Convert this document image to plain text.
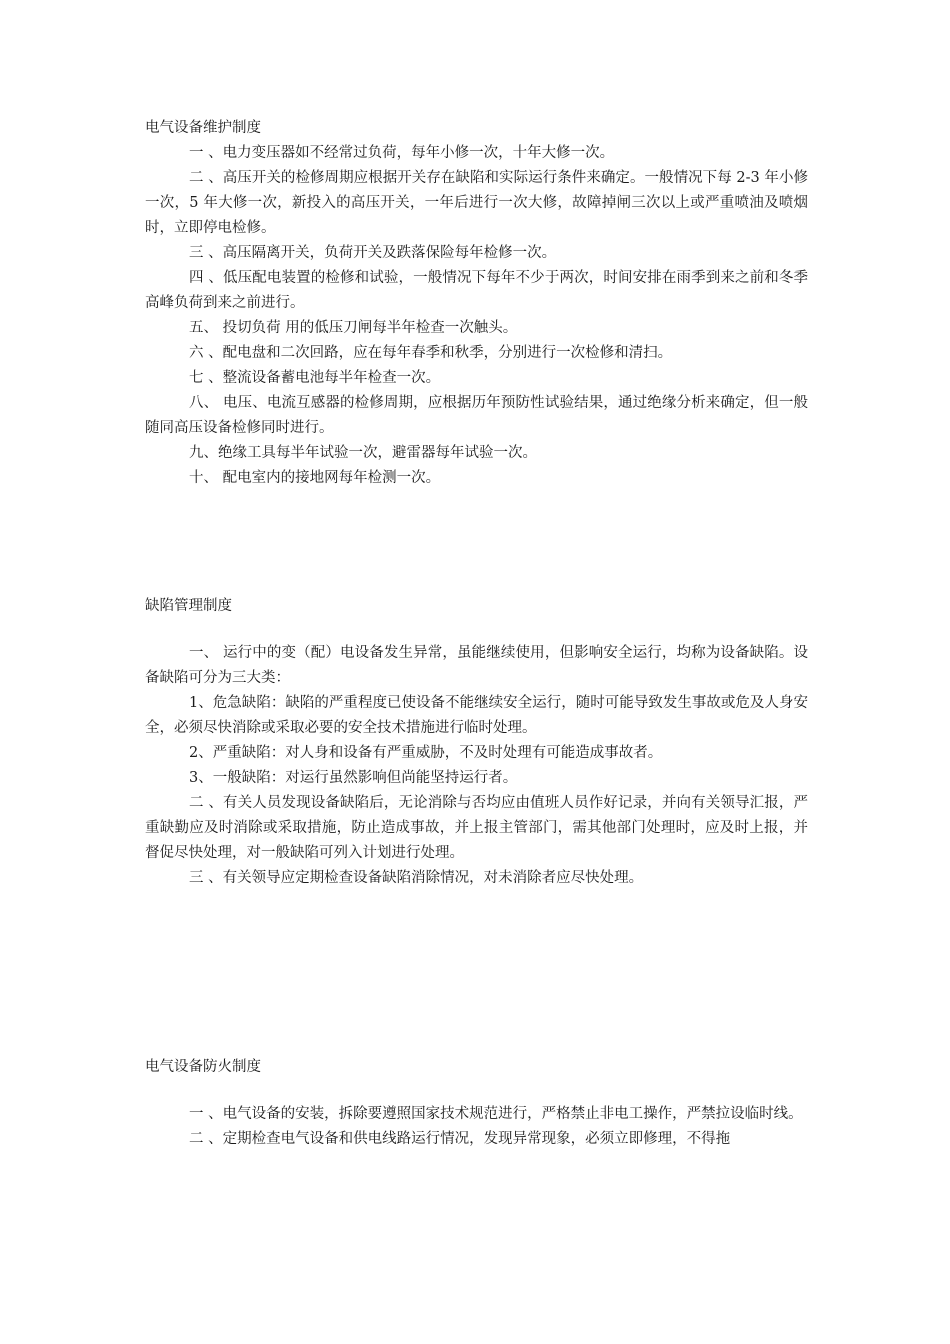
电气设备维护制度

一 、电力变压器如不经常过负荷，每年小修一次，十年大修一次。

二 、高压开关的检修周期应根据开关存在缺陷和实际运行条件来确定。一般情况下每 2-3 年小修一次，5 年大修一次，新投入的高压开关，一年后进行一次大修，故障掉闸三次以上或严重喷油及喷烟时，立即停电检修。

三 、高压隔离开关，负荷开关及跌落保险每年检修一次。

四 、低压配电装置的检修和试验，一般情况下每年不少于两次，时间安排在雨季到来之前和冬季高峰负荷到来之前进行。

五、 投切负荷 用的低压刀闸每半年检查一次触头。

六 、配电盘和二次回路，应在每年春季和秋季，分别进行一次检修和清扫。

七 、整流设备蓄电池每半年检查一次。

八、 电压、电流互感器的检修周期，应根据历年预防性试验结果，通过绝缘分析来确定，但一般随同高压设备检修同时进行。

九、绝缘工具每半年试验一次，避雷器每年试验一次。

十、 配电室内的接地网每年检测一次。

缺陷管理制度

一、 运行中的变（配）电设备发生异常，虽能继续使用，但影响安全运行，均称为设备缺陷。设备缺陷可分为三大类：

1、危急缺陷：缺陷的严重程度已使设备不能继续安全运行，随时可能导致发生事故或危及人身安全，必须尽快消除或采取必要的安全技术措施进行临时处理。

2、严重缺陷：对人身和设备有严重威胁，不及时处理有可能造成事故者。

3、一般缺陷：对运行虽然影响但尚能坚持运行者。

二 、有关人员发现设备缺陷后，无论消除与否均应由值班人员作好记录，并向有关领导汇报，严重缺勤应及时消除或采取措施，防止造成事故，并上报主管部门，需其他部门处理时，应及时上报，并督促尽快处理，对一般缺陷可列入计划进行处理。

三 、有关领导应定期检查设备缺陷消除情况，对未消除者应尽快处理。

电气设备防火制度

一 、电气设备的安装，拆除要遵照国家技术规范进行，严格禁止非电工操作，严禁拉设临时线。

二 、定期检查电气设备和供电线路运行情况，发现异常现象，必须立即修理，不得拖
